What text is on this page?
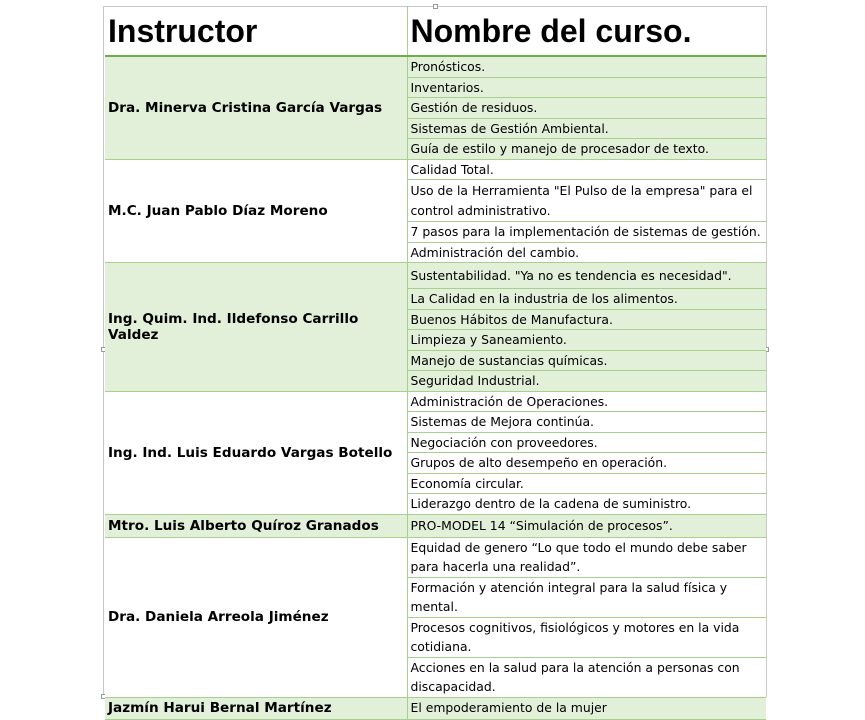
Instructor	Nombre del curso.
Dra. Minerva Cristina García Vargas	Pronósticos.
	Inventarios.
	Gestión de residuos.
	Sistemas de Gestión Ambiental.
	Guía de estilo y manejo de procesador de texto.
M.C. Juan Pablo Díaz Moreno	Calidad Total.
	Uso de la Herramienta "El Pulso de la empresa" para el control administrativo.
	7 pasos para la implementación de sistemas de gestión.
	Administración del cambio.
Ing. Quim. Ind. Ildefonso Carrillo Valdez	Sustentabilidad. "Ya no es tendencia es necesidad".
	La Calidad en la industria de los alimentos.
	Buenos Hábitos de Manufactura.
	Limpieza y Saneamiento.
	Manejo de sustancias químicas.
	Seguridad Industrial.
Ing. Ind. Luis Eduardo Vargas Botello	Administración de Operaciones.
	Sistemas de Mejora continúa.
	Negociación con proveedores.
	Grupos de alto desempeño en operación.
	Economía circular.
	Liderazgo dentro de la cadena de suministro.
Mtro. Luis Alberto Quíroz Granados	PRO-MODEL 14 “Simulación de procesos”.
Dra. Daniela Arreola Jiménez	Equidad de genero “Lo que todo el mundo debe saber para hacerla una realidad”.
	Formación y atención integral para la salud física y mental.
	Procesos cognitivos, fisiológicos y motores en la vida cotidiana.
	Acciones en la salud para la atención a personas con discapacidad.
Jazmín Harui Bernal Martínez	El empoderamiento de la mujer
